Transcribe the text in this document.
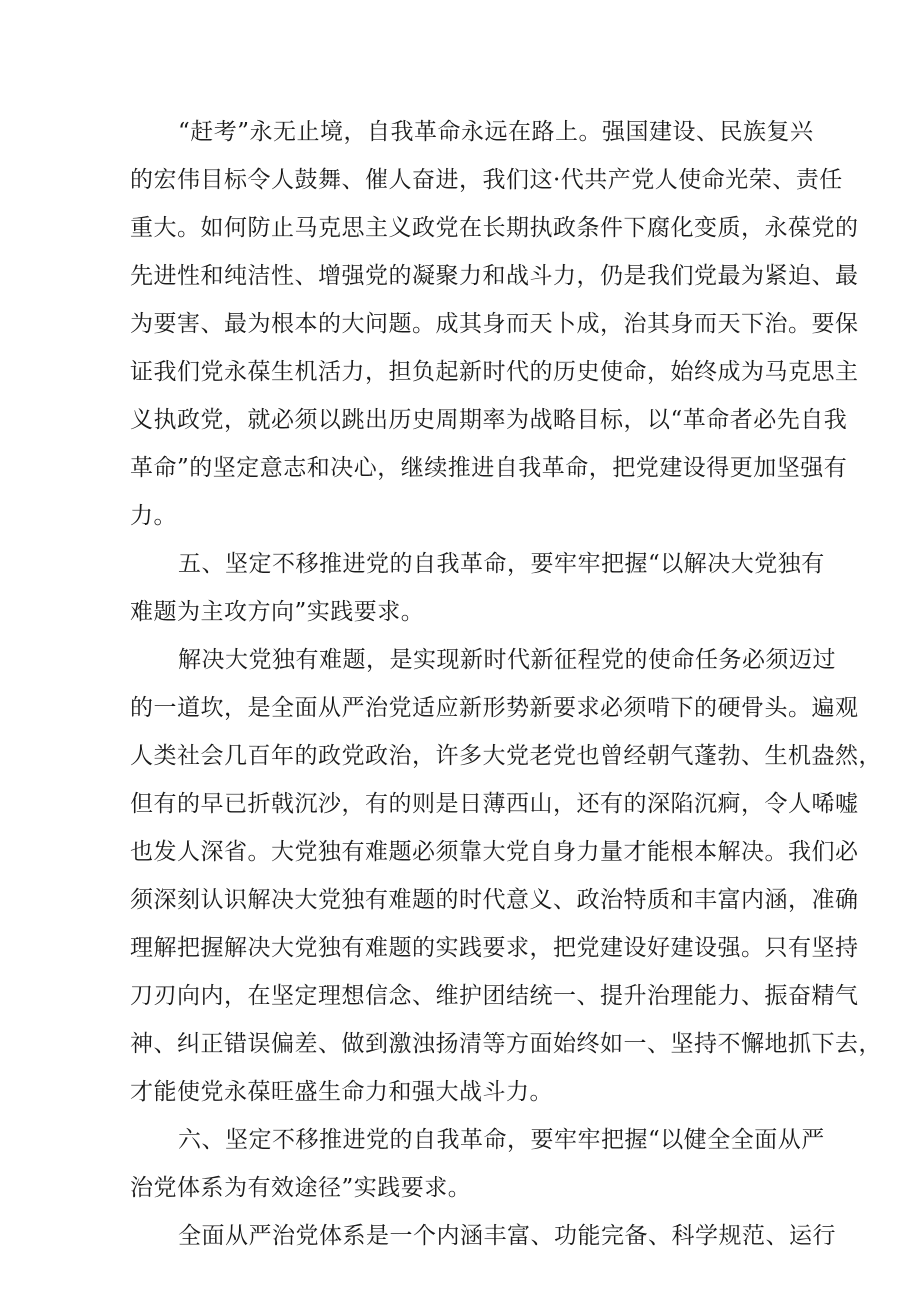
“赶考”永无止境，自我革命永远在路上。强国建设、民族复兴
的宏伟目标令人鼓舞、催人奋进，我们这·代共产党人使命光荣、责任
重大。如何防止马克思主义政党在长期执政条件下腐化变质，永葆党的
先进性和纯洁性、增强党的凝聚力和战斗力，仍是我们党最为紧迫、最
为要害、最为根本的大问题。成其身而天卜成，治其身而天下治。要保
证我们党永葆生机活力，担负起新时代的历史使命，始终成为马克思主
义执政党，就必须以跳出历史周期率为战略目标，以“革命者必先自我
革命”的坚定意志和决心，继续推进自我革命，把党建设得更加坚强有
力。
五、坚定不移推进党的自我革命，要牢牢把握“以解决大党独有
难题为主攻方向”实践要求。
解决大党独有难题，是实现新时代新征程党的使命任务必须迈过
的一道坎，是全面从严治党适应新形势新要求必须啃下的硬骨头。遍观
人类社会几百年的政党政治，许多大党老党也曾经朝气蓬勃、生机盎然，
但有的早已折戟沉沙，有的则是日薄西山，还有的深陷沉痾，令人唏嘘
也发人深省。大党独有难题必须靠大党自身力量才能根本解决。我们必
须深刻认识解决大党独有难题的时代意义、政治特质和丰富内涵，准确
理解把握解决大党独有难题的实践要求，把党建设好建设强。只有坚持
刀刃向内，在坚定理想信念、维护团结统一、提升治理能力、振奋精气
神、纠正错误偏差、做到激浊扬清等方面始终如一、坚持不懈地抓下去，
才能使党永葆旺盛生命力和强大战斗力。
六、坚定不移推进党的自我革命，要牢牢把握“以健全全面从严
治党体系为有效途径”实践要求。
全面从严治党体系是一个内涵丰富、功能完备、科学规范、运行
